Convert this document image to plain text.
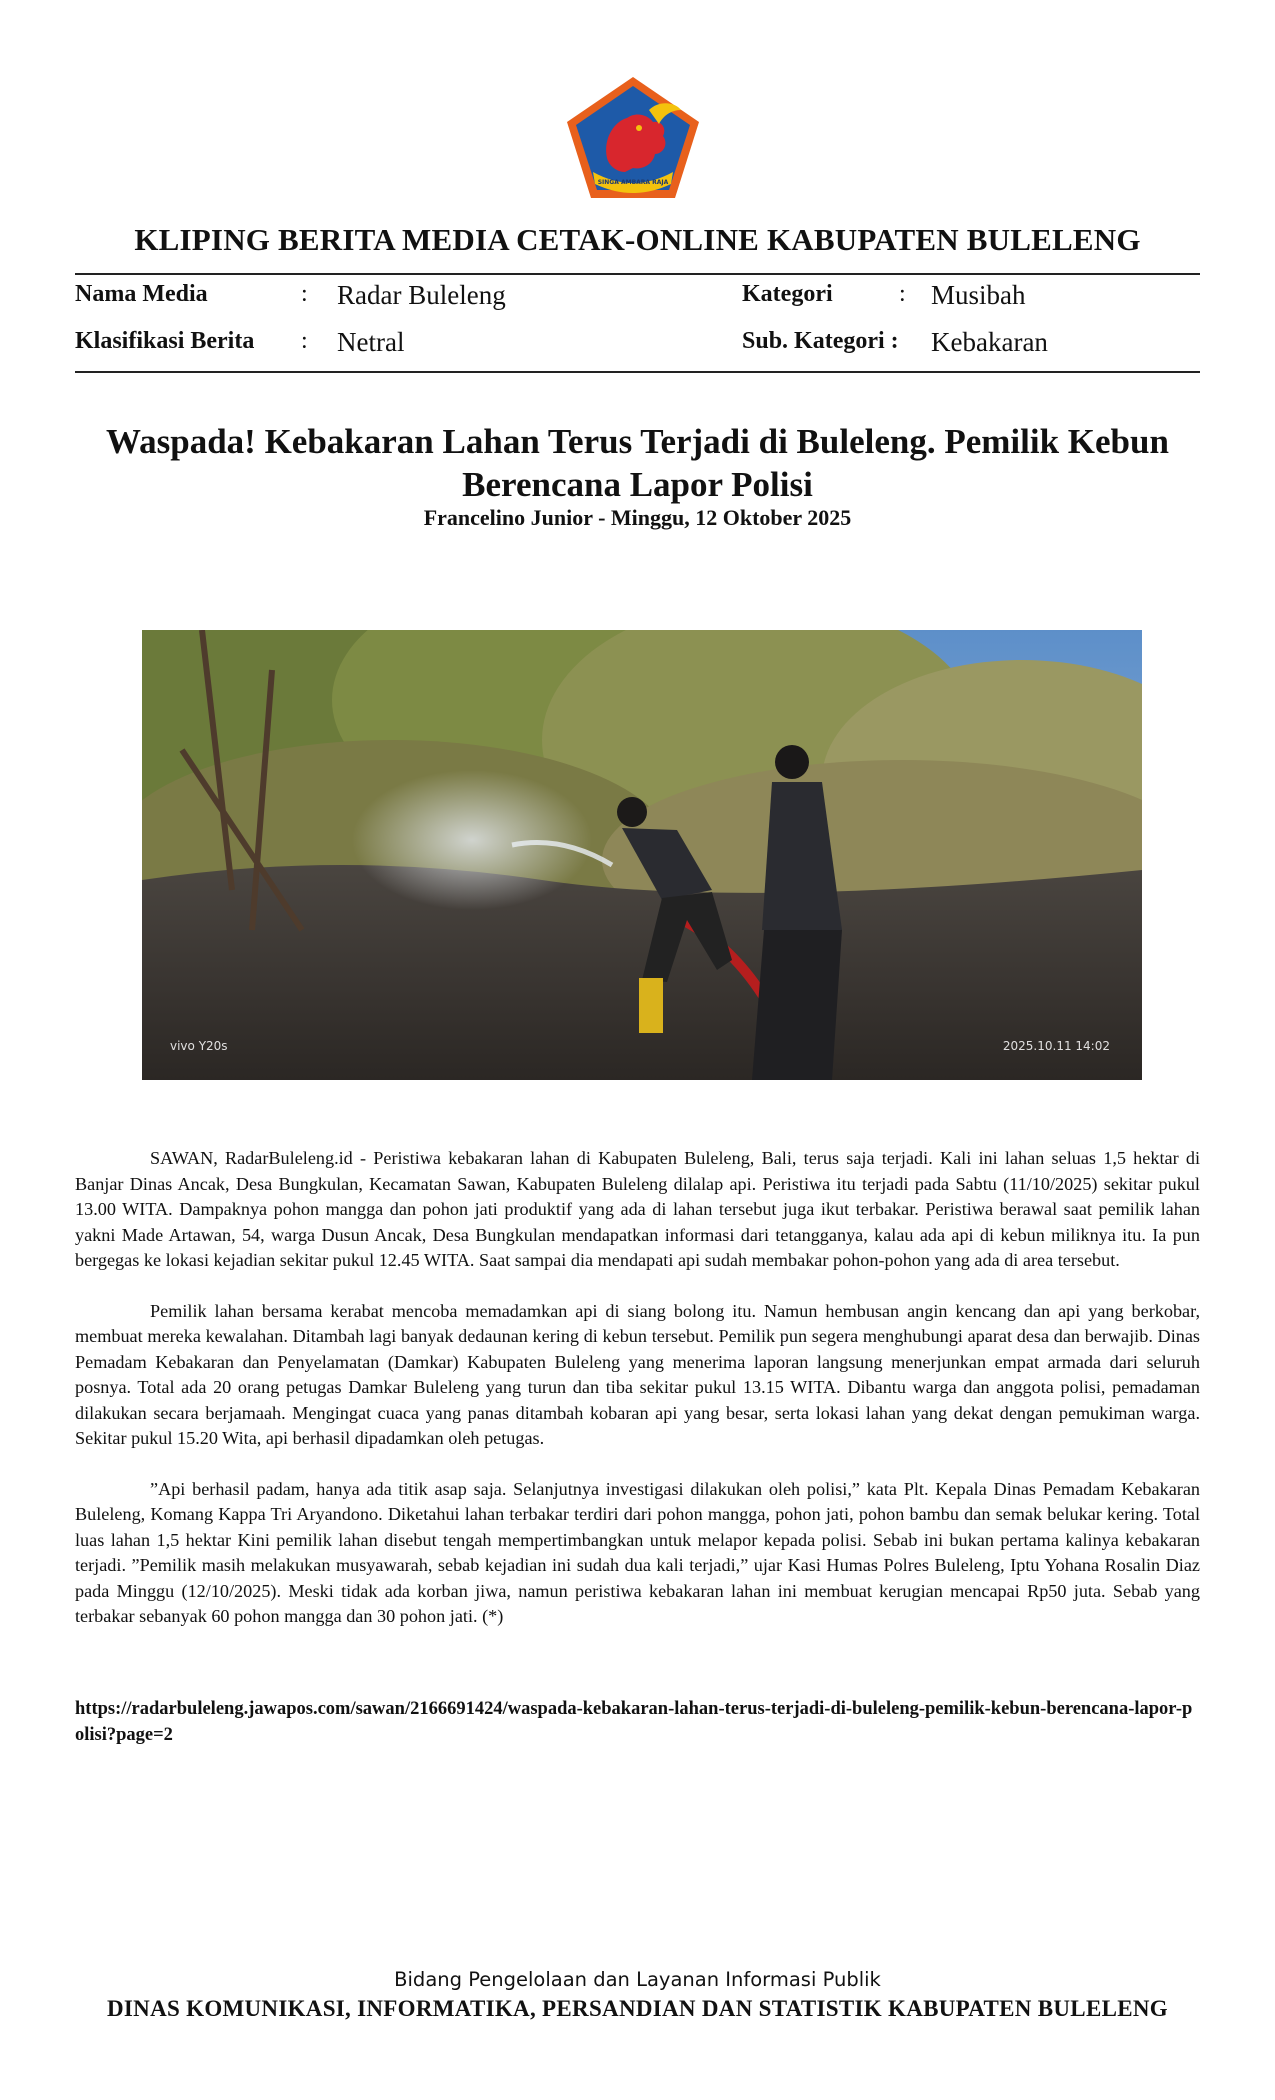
SINGA AMBARA RAJA
KLIPING BERITA MEDIA CETAK-ONLINE KABUPATEN BULELENG
Nama Media	: Radar Buleleng
Klasifikasi Berita : Netral
Kategori	: Musibah
Sub. Kategori : Kebakaran
Waspada! Kebakaran Lahan Terus Terjadi di Buleleng. Pemilik Kebun Berencana Lapor Polisi
Francelino Junior - Minggu, 12 Oktober 2025
vivo Y20s	2025.10.11 14:02

SAWAN, RadarBuleleng.id - Peristiwa kebakaran lahan di Kabupaten Buleleng, Bali, terus saja terjadi. Kali ini lahan seluas 1,5 hektar di Banjar Dinas Ancak, Desa Bungkulan, Kecamatan Sawan, Kabupaten Buleleng dilalap api. Peristiwa itu terjadi pada Sabtu (11/10/2025) sekitar pukul 13.00 WITA. Dampaknya pohon mangga dan pohon jati produktif yang ada di lahan tersebut juga ikut terbakar. Peristiwa berawal saat pemilik lahan yakni Made Artawan, 54, warga Dusun Ancak, Desa Bungkulan mendapatkan informasi dari tetangganya, kalau ada api di kebun miliknya itu. Ia pun bergegas ke lokasi kejadian sekitar pukul 12.45 WITA. Saat sampai dia mendapati api sudah membakar pohon-pohon yang ada di area tersebut.

Pemilik lahan bersama kerabat mencoba memadamkan api di siang bolong itu. Namun hembusan angin kencang dan api yang berkobar, membuat mereka kewalahan. Ditambah lagi banyak dedaunan kering di kebun tersebut. Pemilik pun segera menghubungi aparat desa dan berwajib. Dinas Pemadam Kebakaran dan Penyelamatan (Damkar) Kabupaten Buleleng yang menerima laporan langsung menerjunkan empat armada dari seluruh posnya. Total ada 20 orang petugas Damkar Buleleng yang turun dan tiba sekitar pukul 13.15 WITA. Dibantu warga dan anggota polisi, pemadaman dilakukan secara berjamaah. Mengingat cuaca yang panas ditambah kobaran api yang besar, serta lokasi lahan yang dekat dengan pemukiman warga. Sekitar pukul 15.20 Wita, api berhasil dipadamkan oleh petugas.

”Api berhasil padam, hanya ada titik asap saja. Selanjutnya investigasi dilakukan oleh polisi,” kata Plt. Kepala Dinas Pemadam Kebakaran Buleleng, Komang Kappa Tri Aryandono. Diketahui lahan terbakar terdiri dari pohon mangga, pohon jati, pohon bambu dan semak belukar kering. Total luas lahan 1,5 hektar Kini pemilik lahan disebut tengah mempertimbangkan untuk melapor kepada polisi. Sebab ini bukan pertama kalinya kebakaran terjadi. ”Pemilik masih melakukan musyawarah, sebab kejadian ini sudah dua kali terjadi,” ujar Kasi Humas Polres Buleleng, Iptu Yohana Rosalin Diaz pada Minggu (12/10/2025). Meski tidak ada korban jiwa, namun peristiwa kebakaran lahan ini membuat kerugian mencapai Rp50 juta. Sebab yang terbakar sebanyak 60 pohon mangga dan 30 pohon jati. (*)

https://radarbuleleng.jawapos.com/sawan/2166691424/waspada-kebakaran-lahan-terus-terjadi-di-buleleng-pemilik-kebun-berencana-lapor-polisi?page=2
Bidang Pengelolaan dan Layanan Informasi Publik
DINAS KOMUNIKASI, INFORMATIKA, PERSANDIAN DAN STATISTIK KABUPATEN BULELENG
